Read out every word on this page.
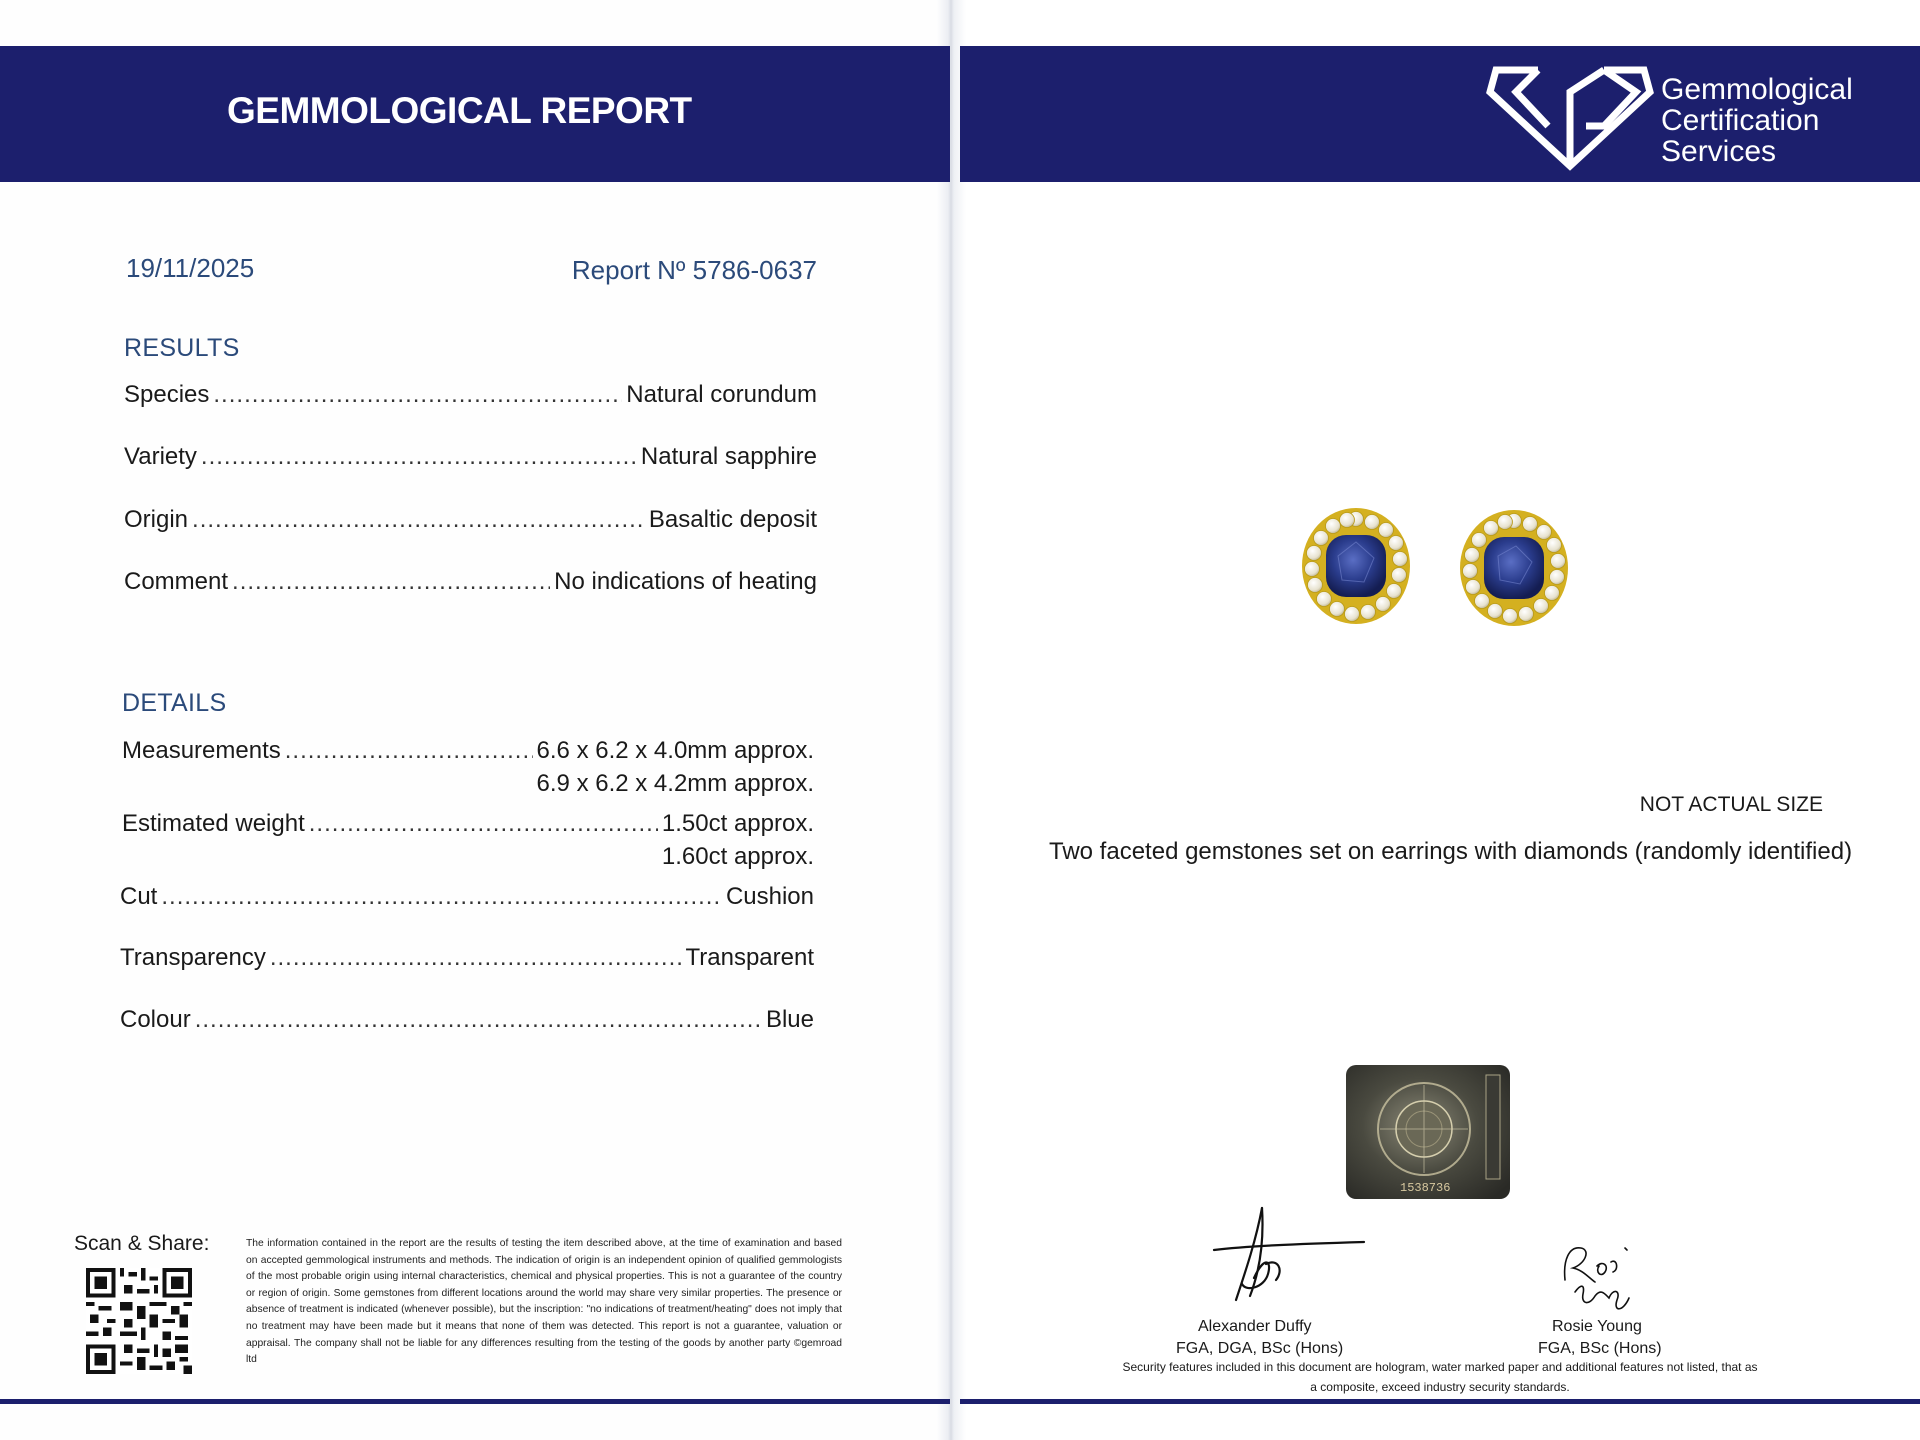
GEMMOLOGICAL REPORT
Gemmological
Certification
Services
19/11/2025	Report Nº 5786-0637
RESULTS
Species .....	Natural corundum
Variety .....	Natural sapphire
Origin .....	Basaltic deposit
Comment .....	No indications of heating
DETAILS
Measurements .....	6.6 x 6.2 x 4.0mm approx.
6.9 x 6.2 x 4.2mm approx.
Estimated weight .....	1.50ct approx.
1.60ct approx.
Cut .....	Cushion
Transparency .....	Transparent
Colour .....	Blue
Scan & Share:	The information contained in the report are the results of testing the item described above, at the time of examination and based on accepted gemmological instruments and methods. The indication of origin is an independent opinion of qualified gemmologists of the most probable origin using internal characteristics, chemical and physical properties. This is not a guarantee of the country or region of origin. Some gemstones from different locations around the world may share very similar properties. The presence or absence of treatment is indicated (whenever possible), but the inscription: "no indications of treatment/heating" does not imply that no treatment may have been made but it means that none of them was detected. This report is not a guarantee, valuation or appraisal. The company shall not be liable for any differences resulting from the testing of the goods by another party ©gemroad ltd
NOT ACTUAL SIZE
Two faceted gemstones set on earrings with diamonds (randomly identified)
1538736
Alexander Duffy
FGA, DGA, BSc (Hons)
Rosie Young
FGA, BSc (Hons)
Security features included in this document are hologram, water marked paper and additional features not listed, that as a composite, exceed industry security standards.
